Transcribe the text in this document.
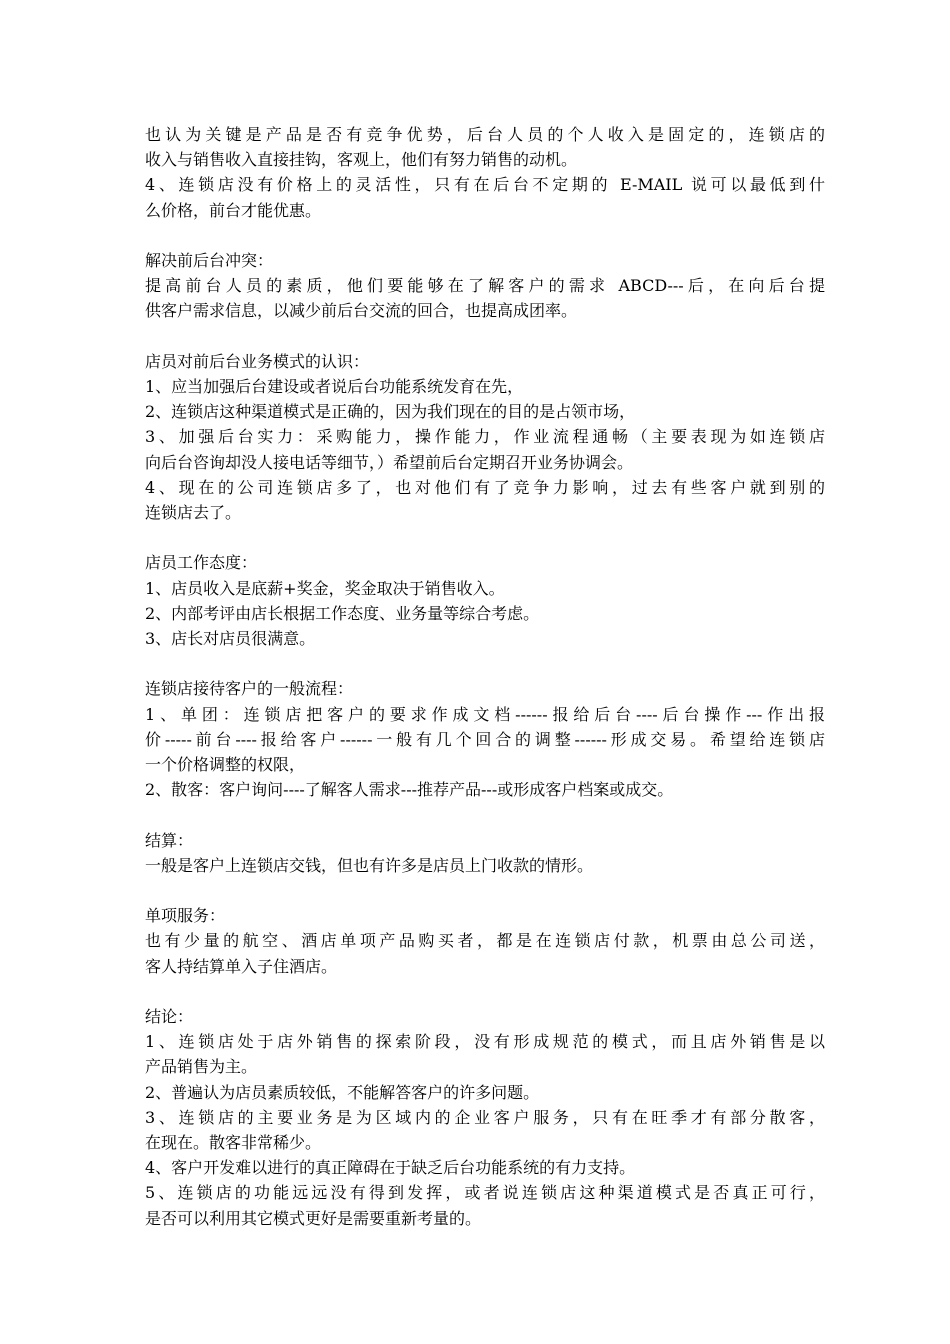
也认为关键是产品是否有竞争优势，后台人员的个人收入是固定的，连锁店的

收入与销售收入直接挂钩，客观上，他们有努力销售的动机。

4、连锁店没有价格上的灵活性，只有在后台不定期的 E-MAIL 说可以最低到什

么价格，前台才能优惠。

解决前后台冲突：

提高前台人员的素质，他们要能够在了解客户的需求 ABCD---后，在向后台提

供客户需求信息，以减少前后台交流的回合，也提高成团率。

店员对前后台业务模式的认识：

1、应当加强后台建设或者说后台功能系统发育在先，

2、连锁店这种渠道模式是正确的，因为我们现在的目的是占领市场，

3、加强后台实力：采购能力，操作能力，作业流程通畅（主要表现为如连锁店

向后台咨询却没人接电话等细节，）希望前后台定期召开业务协调会。

4、现在的公司连锁店多了，也对他们有了竞争力影响，过去有些客户就到别的

连锁店去了。

店员工作态度：

1、店员收入是底薪+奖金，奖金取决于销售收入。

2、内部考评由店长根据工作态度、业务量等综合考虑。

3、店长对店员很满意。

连锁店接待客户的一般流程：

1、单团：连锁店把客户的要求作成文档------报给后台----后台操作---作出报

价-----前台----报给客户------一般有几个回合的调整------形成交易。希望给连锁店

一个价格调整的权限，

2、散客：客户询问----了解客人需求---推荐产品---或形成客户档案或成交。

结算：

一般是客户上连锁店交钱，但也有许多是店员上门收款的情形。

单项服务：

也有少量的航空、酒店单项产品购买者，都是在连锁店付款，机票由总公司送，

客人持结算单入子住酒店。

结论：

1、连锁店处于店外销售的探索阶段，没有形成规范的模式，而且店外销售是以

产品销售为主。

2、普遍认为店员素质较低，不能解答客户的许多问题。

3、连锁店的主要业务是为区域内的企业客户服务，只有在旺季才有部分散客，

在现在。散客非常稀少。

4、客户开发难以进行的真正障碍在于缺乏后台功能系统的有力支持。

5、连锁店的功能远远没有得到发挥，或者说连锁店这种渠道模式是否真正可行，

是否可以利用其它模式更好是需要重新考量的。
